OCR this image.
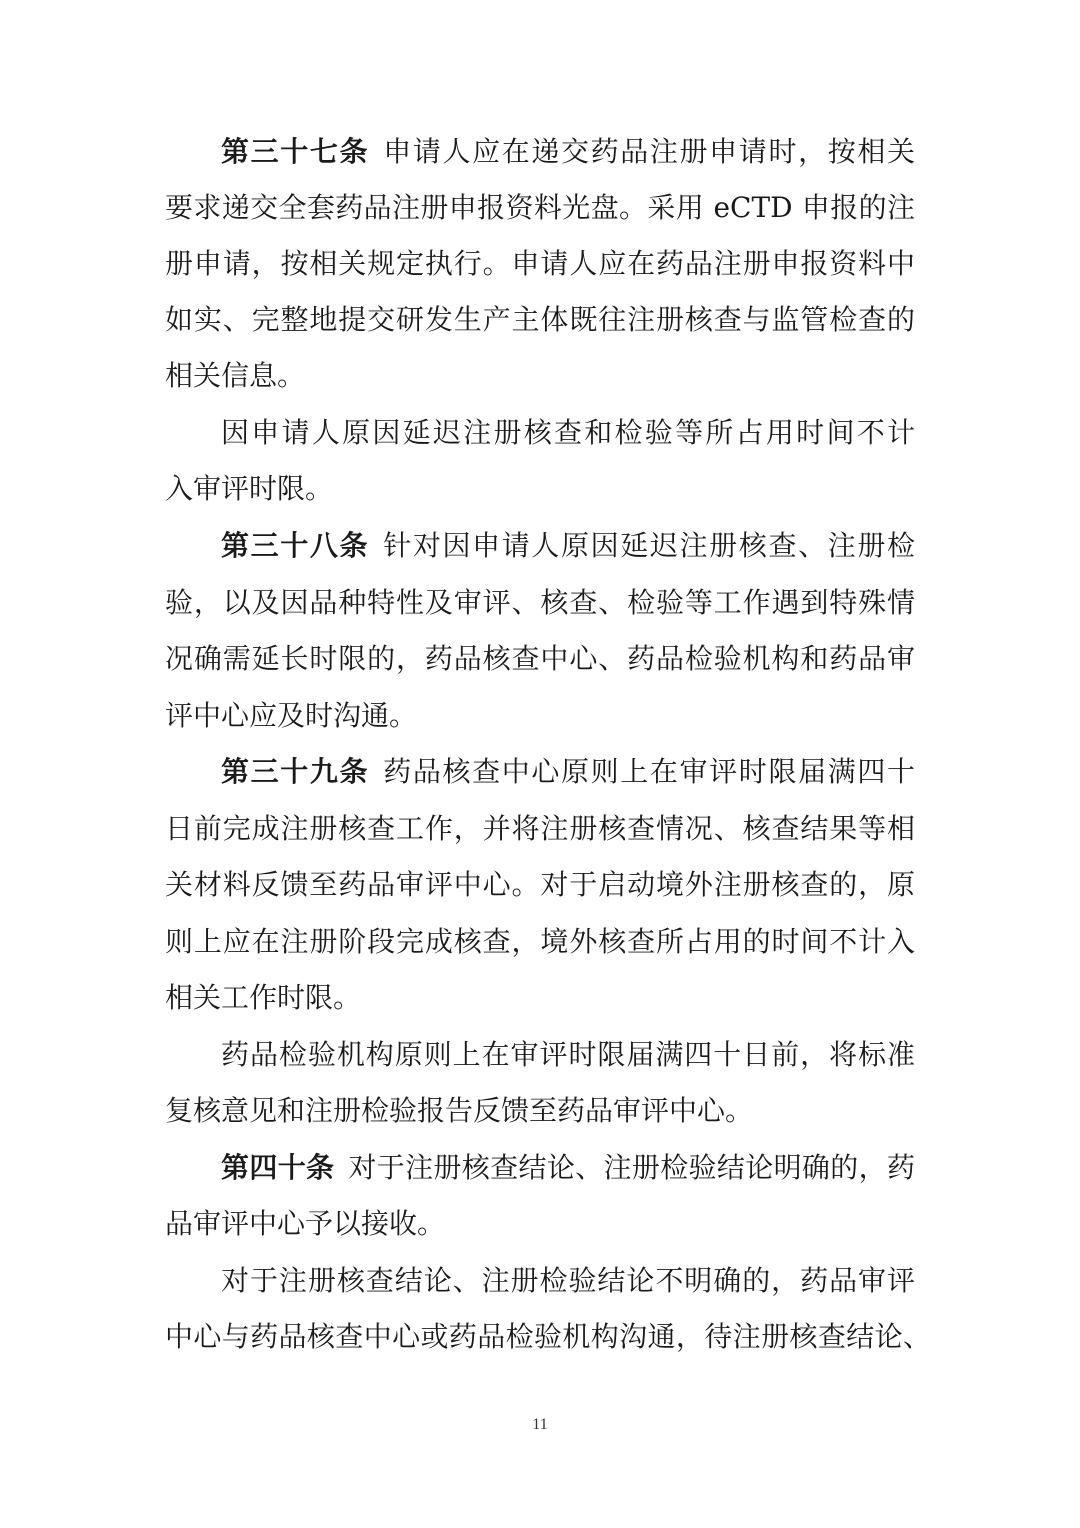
第三十七条 申请人应在递交药品注册申请时，按相关
要求递交全套药品注册申报资料光盘。采用 eCTD 申报的注
册申请，按相关规定执行。申请人应在药品注册申报资料中
如实、完整地提交研发生产主体既往注册核查与监管检查的
相关信息。
因申请人原因延迟注册核查和检验等所占用时间不计
入审评时限。
第三十八条 针对因申请人原因延迟注册核查、注册检
验，以及因品种特性及审评、核查、检验等工作遇到特殊情
况确需延长时限的，药品核查中心、药品检验机构和药品审
评中心应及时沟通。
第三十九条 药品核查中心原则上在审评时限届满四十
日前完成注册核查工作，并将注册核查情况、核查结果等相
关材料反馈至药品审评中心。对于启动境外注册核查的，原
则上应在注册阶段完成核查，境外核查所占用的时间不计入
相关工作时限。
药品检验机构原则上在审评时限届满四十日前，将标准
复核意见和注册检验报告反馈至药品审评中心。
第四十条 对于注册核查结论、注册检验结论明确的，药
品审评中心予以接收。
对于注册核查结论、注册检验结论不明确的，药品审评
中心与药品核查中心或药品检验机构沟通，待注册核查结论、
11
